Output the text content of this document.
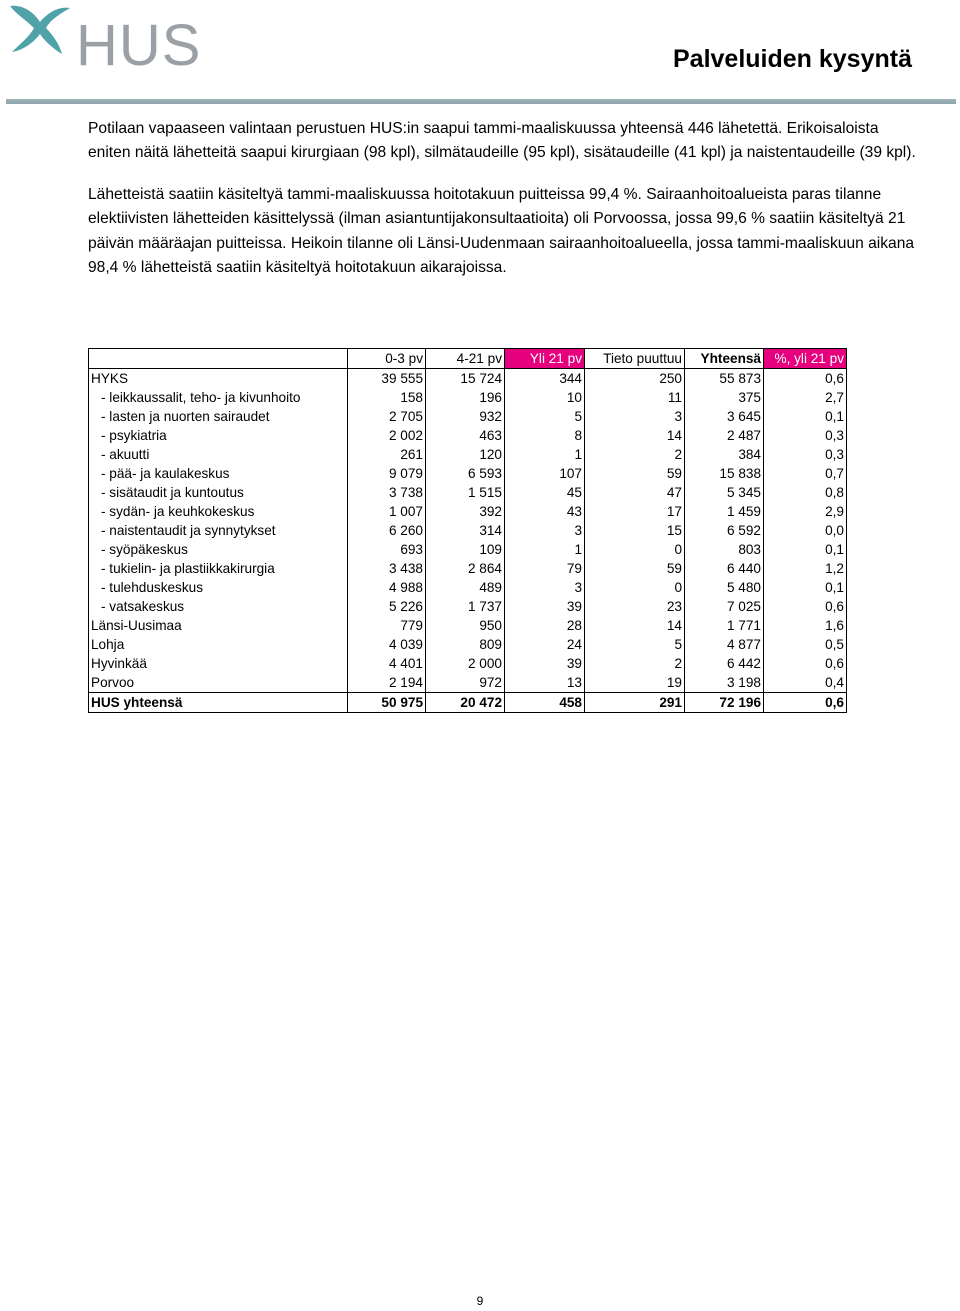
HUS	Palveluiden kysyntä

Potilaan vapaaseen valintaan perustuen HUS:in saapui tammi-maaliskuussa yhteensä 446 lähetettä. Erikoisaloista eniten näitä lähetteitä saapui kirurgiaan (98 kpl), silmätaudeille (95 kpl), sisätaudeille (41 kpl) ja naistentaudeille (39 kpl).

Lähetteistä saatiin käsiteltyä tammi-maaliskuussa hoitotakuun puitteissa 99,4 %. Sairaanhoitoalueista paras tilanne elektiivisten lähetteiden käsittelyssä (ilman asiantuntijakonsultaatioita) oli Porvoossa, jossa 99,6 % saatiin käsiteltyä 21 päivän määräajan puitteissa. Heikoin tilanne oli Länsi-Uudenmaan sairaanhoitoalueella, jossa tammi-maaliskuun aikana 98,4 % lähetteistä saatiin käsiteltyä hoitotakuun aikarajoissa.

	0-3 pv	4-21 pv	Yli 21 pv	Tieto puuttuu	Yhteensä	%, yli 21 pv
HYKS	39 555	15 724	344	250	55 873	0,6
- leikkaussalit, teho- ja kivunhoito	158	196	10	11	375	2,7
- lasten ja nuorten sairaudet	2 705	932	5	3	3 645	0,1
- psykiatria	2 002	463	8	14	2 487	0,3
- akuutti	261	120	1	2	384	0,3
- pää- ja kaulakeskus	9 079	6 593	107	59	15 838	0,7
- sisätaudit ja kuntoutus	3 738	1 515	45	47	5 345	0,8
- sydän- ja keuhkokeskus	1 007	392	43	17	1 459	2,9
- naistentaudit ja synnytykset	6 260	314	3	15	6 592	0,0
- syöpäkeskus	693	109	1	0	803	0,1
- tukielin- ja plastiikkakirurgia	3 438	2 864	79	59	6 440	1,2
- tulehduskeskus	4 988	489	3	0	5 480	0,1
- vatsakeskus	5 226	1 737	39	23	7 025	0,6
Länsi-Uusimaa	779	950	28	14	1 771	1,6
Lohja	4 039	809	24	5	4 877	0,5
Hyvinkää	4 401	2 000	39	2	6 442	0,6
Porvoo	2 194	972	13	19	3 198	0,4
HUS yhteensä	50 975	20 472	458	291	72 196	0,6
9
